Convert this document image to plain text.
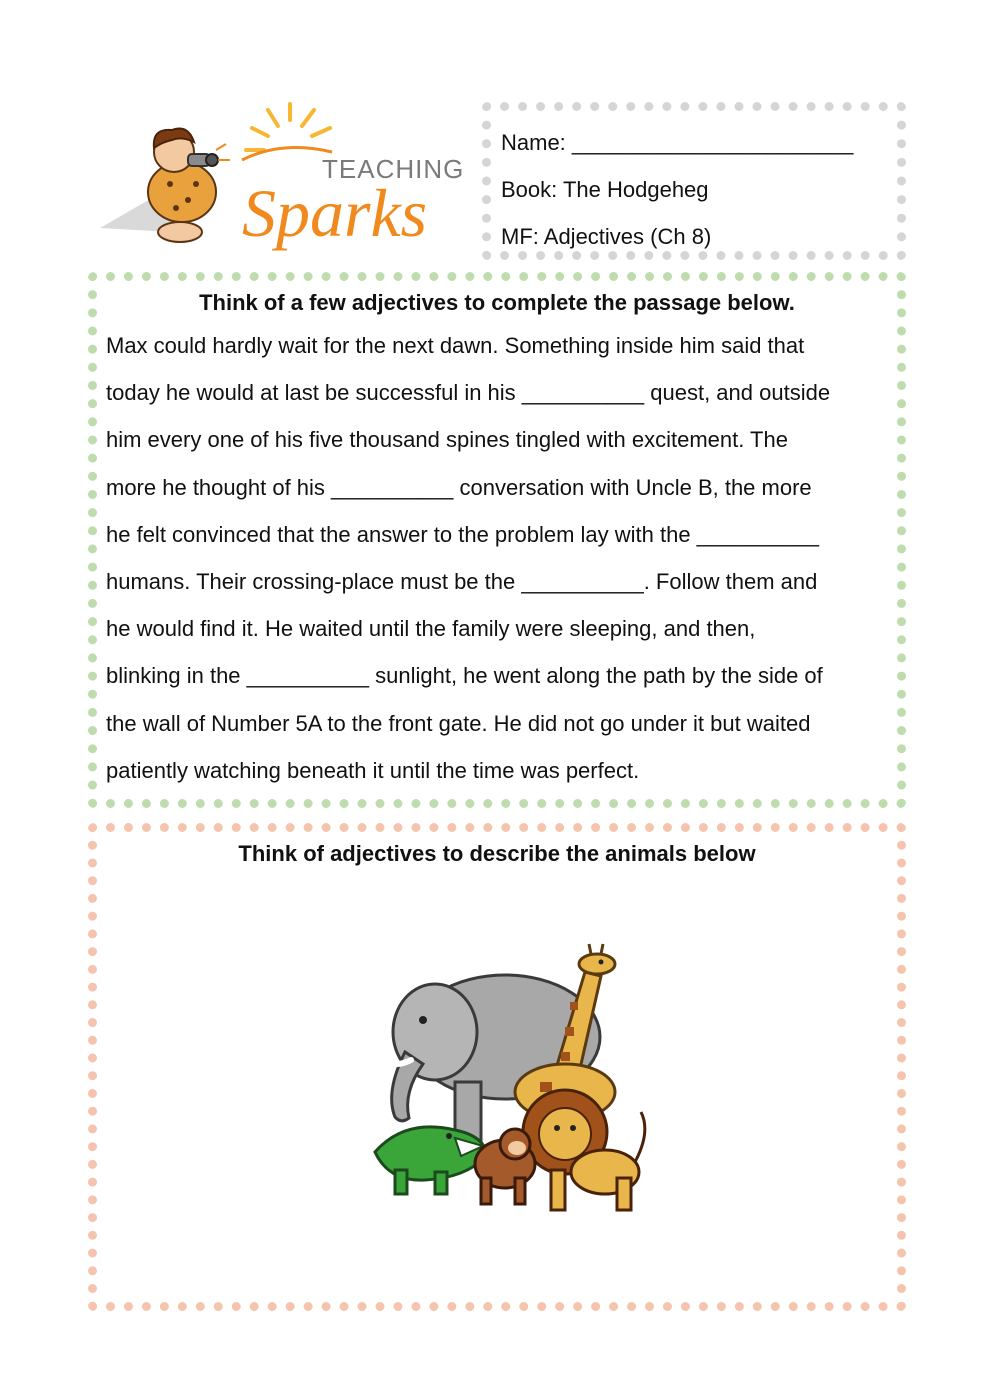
TEACHING
Sparks
Name: _______________________
Book: The Hodgeheg
MF: Adjectives (Ch 8)
Think of a few adjectives to complete the passage below.
Max could hardly wait for the next dawn. Something inside him said that
today he would at last be successful in his __________ quest, and outside
him every one of his five thousand spines tingled with excitement. The
more he thought of his __________ conversation with Uncle B, the more
he felt convinced that the answer to the problem lay with the __________
humans. Their crossing-place must be the __________. Follow them and
he would find it. He waited until the family were sleeping, and then,
blinking in the __________ sunlight, he went along the path by the side of
the wall of Number 5A to the front gate. He did not go under it but waited
patiently watching beneath it until the time was perfect.
Think of adjectives to describe the animals below
